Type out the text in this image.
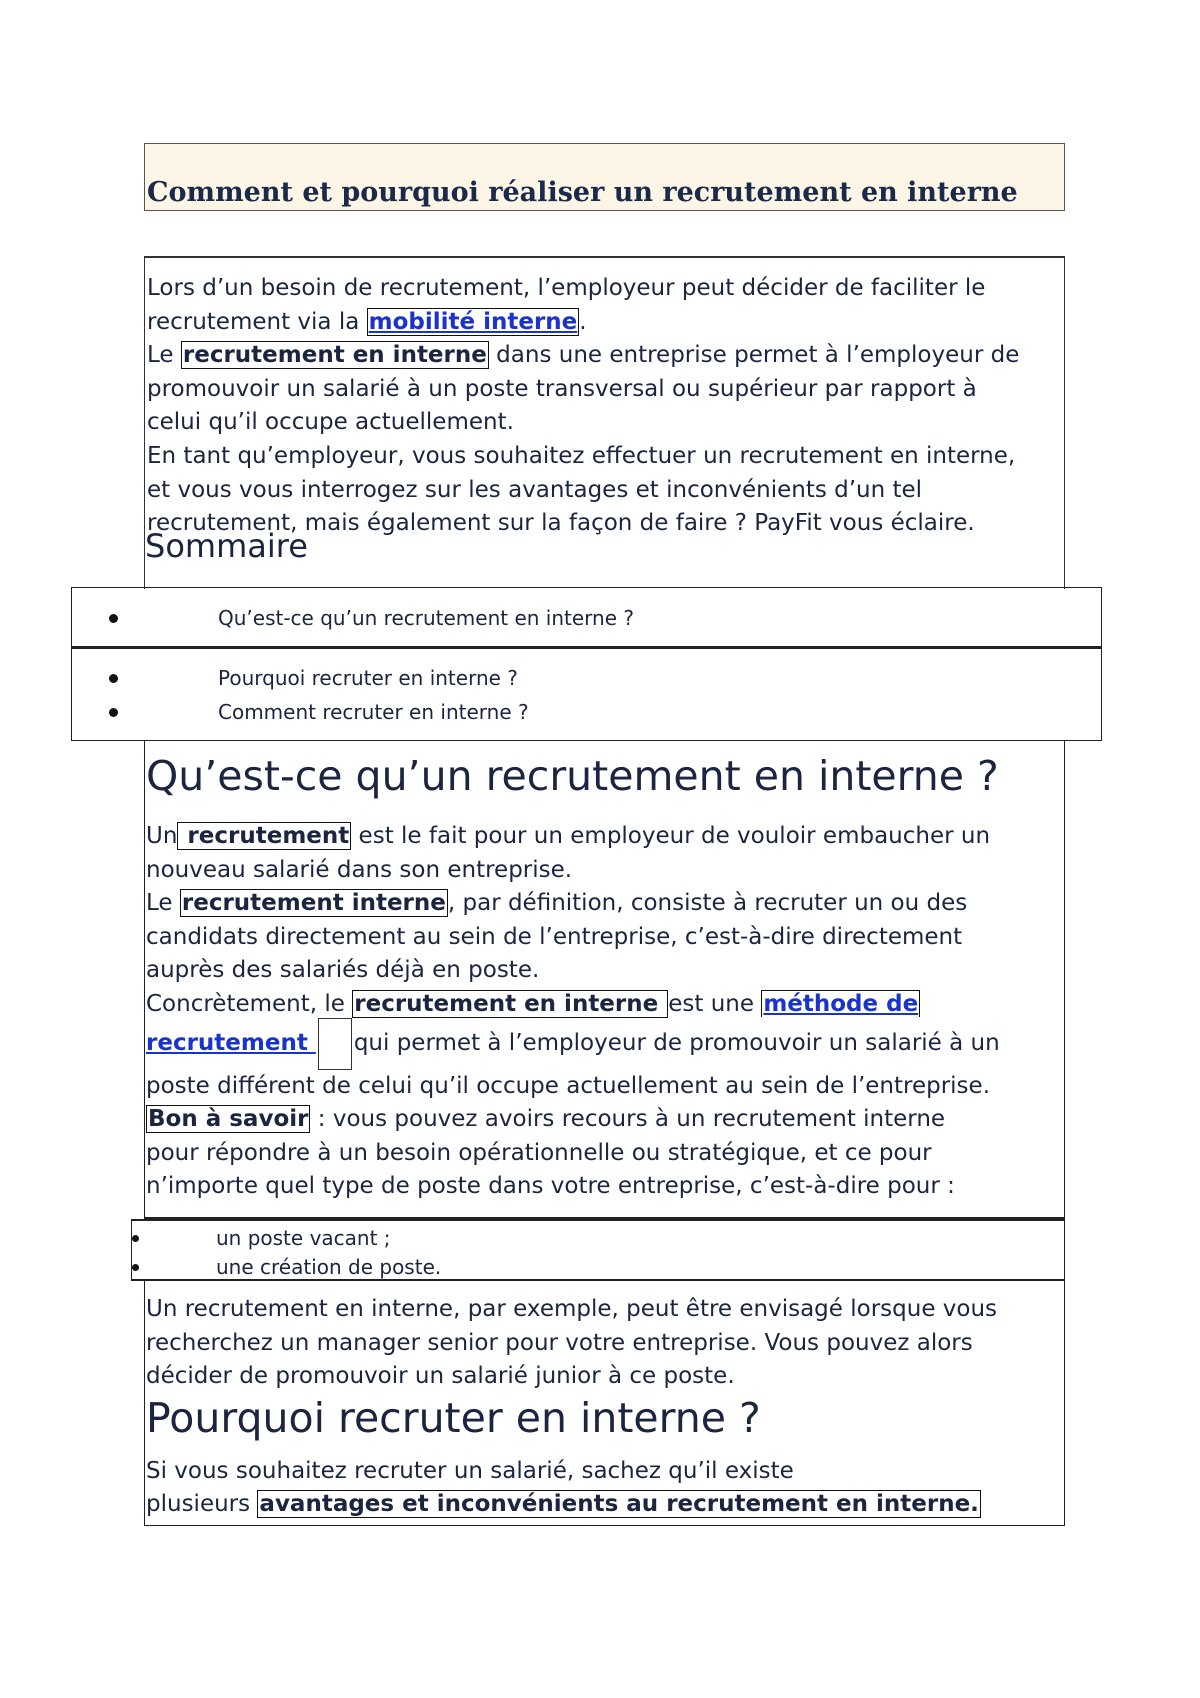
Comment et pourquoi réaliser un recrutement en interne
Lors d’un besoin de recrutement, l’employeur peut décider de faciliter le
recrutement via la mobilité interne.
Le recrutement en interne dans une entreprise permet à l’employeur de
promouvoir un salarié à un poste transversal ou supérieur par rapport à
celui qu’il occupe actuellement.
En tant qu’employeur, vous souhaitez effectuer un recrutement en interne,
et vous vous interrogez sur les avantages et inconvénients d’un tel
recrutement, mais également sur la façon de faire ? PayFit vous éclaire.
Sommaire
Qu’est-ce qu’un recrutement en interne ?
Pourquoi recruter en interne ?
Comment recruter en interne ?
Qu’est-ce qu’un recrutement en interne ?
Un recrutement est le fait pour un employeur de vouloir embaucher un
nouveau salarié dans son entreprise.
Le recrutement interne, par définition, consiste à recruter un ou des
candidats directement au sein de l’entreprise, c’est-à-dire directement
auprès des salariés déjà en poste.
Concrètement, le recrutement en interne est une méthode de
recrutement qui permet à l’employeur de promouvoir un salarié à un
poste différent de celui qu’il occupe actuellement au sein de l’entreprise.
Bon à savoir : vous pouvez avoirs recours à un recrutement interne
pour répondre à un besoin opérationnelle ou stratégique, et ce pour
n’importe quel type de poste dans votre entreprise, c’est-à-dire pour :
un poste vacant ;
une création de poste.
Un recrutement en interne, par exemple, peut être envisagé lorsque vous
recherchez un manager senior pour votre entreprise. Vous pouvez alors
décider de promouvoir un salarié junior à ce poste.
Pourquoi recruter en interne ?
Si vous souhaitez recruter un salarié, sachez qu’il existe
plusieurs avantages et inconvénients au recrutement en interne.
